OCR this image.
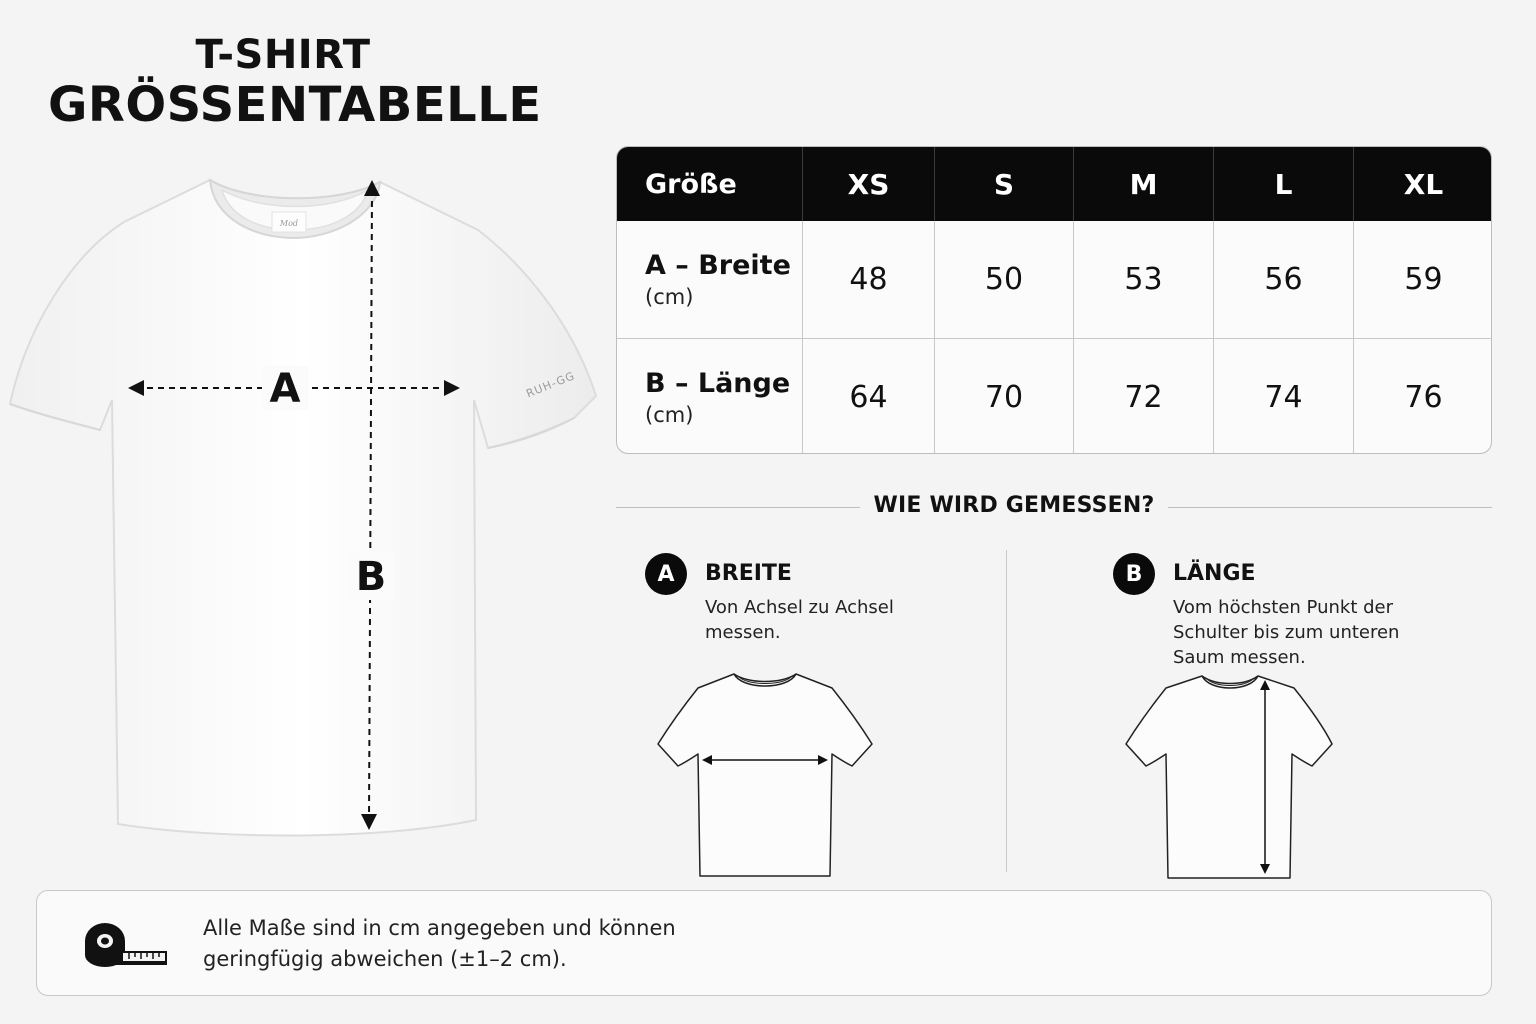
T-SHIRT
GRÖSSENTABELLE
Mod
RUH-GG
A
B
Größe	XS	S	M	L	XL
A – Breite
(cm)	48	50	53	56	59
B – Länge
(cm)	64	70	72	74	76
WIE WIRD GEMESSEN?
A	BREITE
Von Achsel zu Achsel messen.
B	LÄNGE
Vom höchsten Punkt der Schulter bis zum unteren Saum messen.
Alle Maße sind in cm angegeben und können
geringfügig abweichen (±1–2 cm).
